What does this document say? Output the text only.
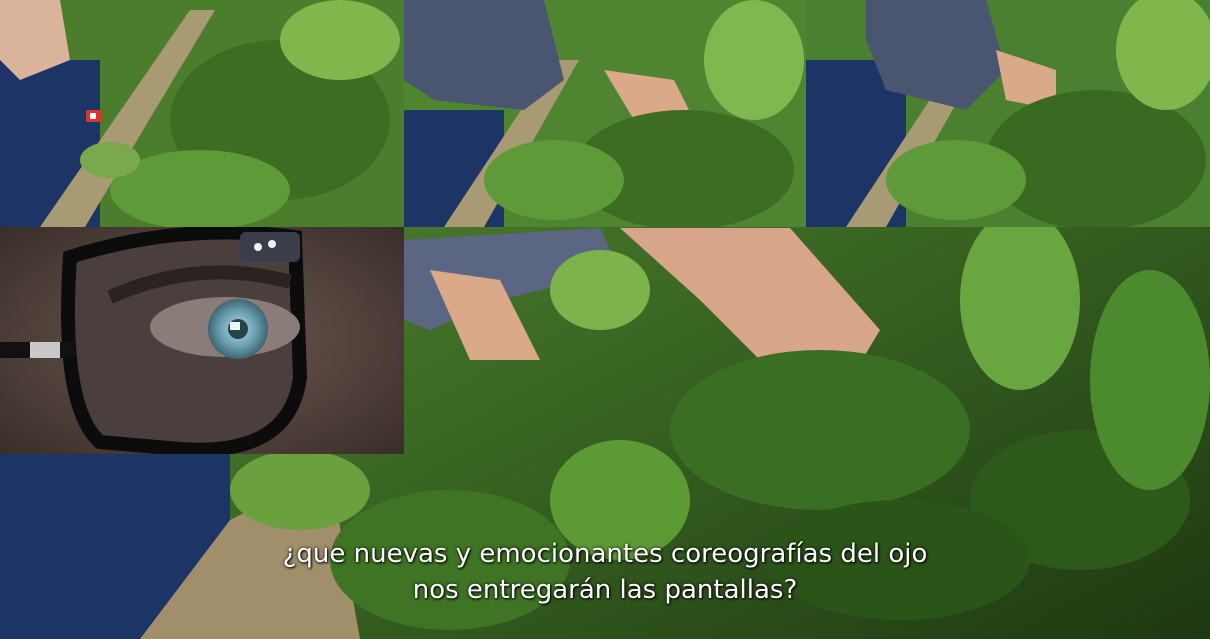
¿que nuevas y emocionantes coreografías del ojo
nos entregarán las pantallas?
